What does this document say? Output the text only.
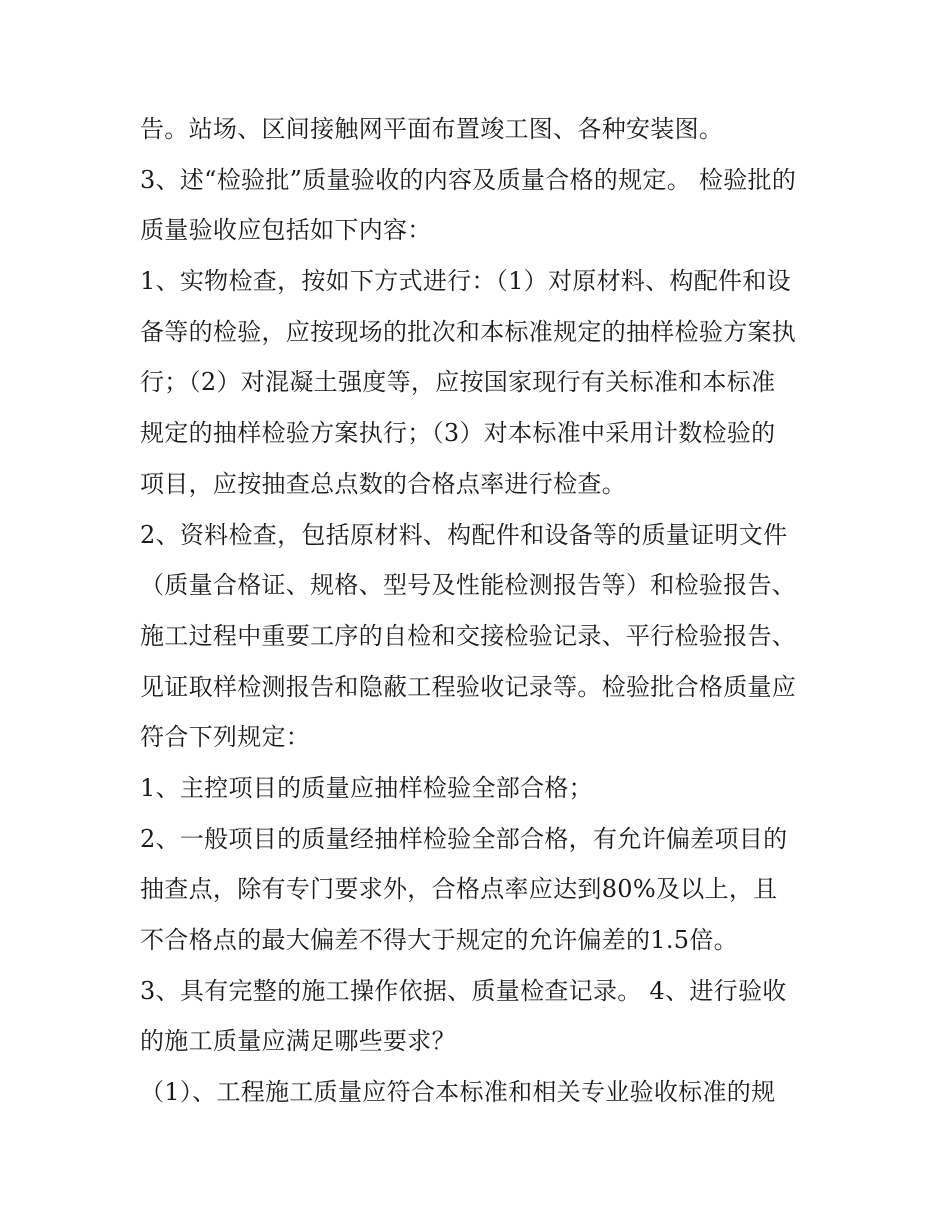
告。站场、区间接触网平面布置竣工图、各种安装图。
3、述“检验批”质量验收的内容及质量合格的规定。 检验批的
质量验收应包括如下内容：
1、实物检查，按如下方式进行：（1）对原材料、构配件和设
备等的检验，应按现场的批次和本标准规定的抽样检验方案执
行；（2）对混凝土强度等，应按国家现行有关标准和本标准
规定的抽样检验方案执行；（3）对本标准中采用计数检验的
项目，应按抽查总点数的合格点率进行检查。
2、资料检查，包括原材料、构配件和设备等的质量证明文件
（质量合格证、规格、型号及性能检测报告等）和检验报告、
施工过程中重要工序的自检和交接检验记录、平行检验报告、
见证取样检测报告和隐蔽工程验收记录等。检验批合格质量应
符合下列规定：
1、主控项目的质量应抽样检验全部合格；
2、一般项目的质量经抽样检验全部合格，有允许偏差项目的
抽查点，除有专门要求外，合格点率应达到80%及以上，且
不合格点的最大偏差不得大于规定的允许偏差的1.5倍。
3、具有完整的施工操作依据、质量检查记录。 4、进行验收
的施工质量应满足哪些要求？
（1）、工程施工质量应符合本标准和相关专业验收标准的规
